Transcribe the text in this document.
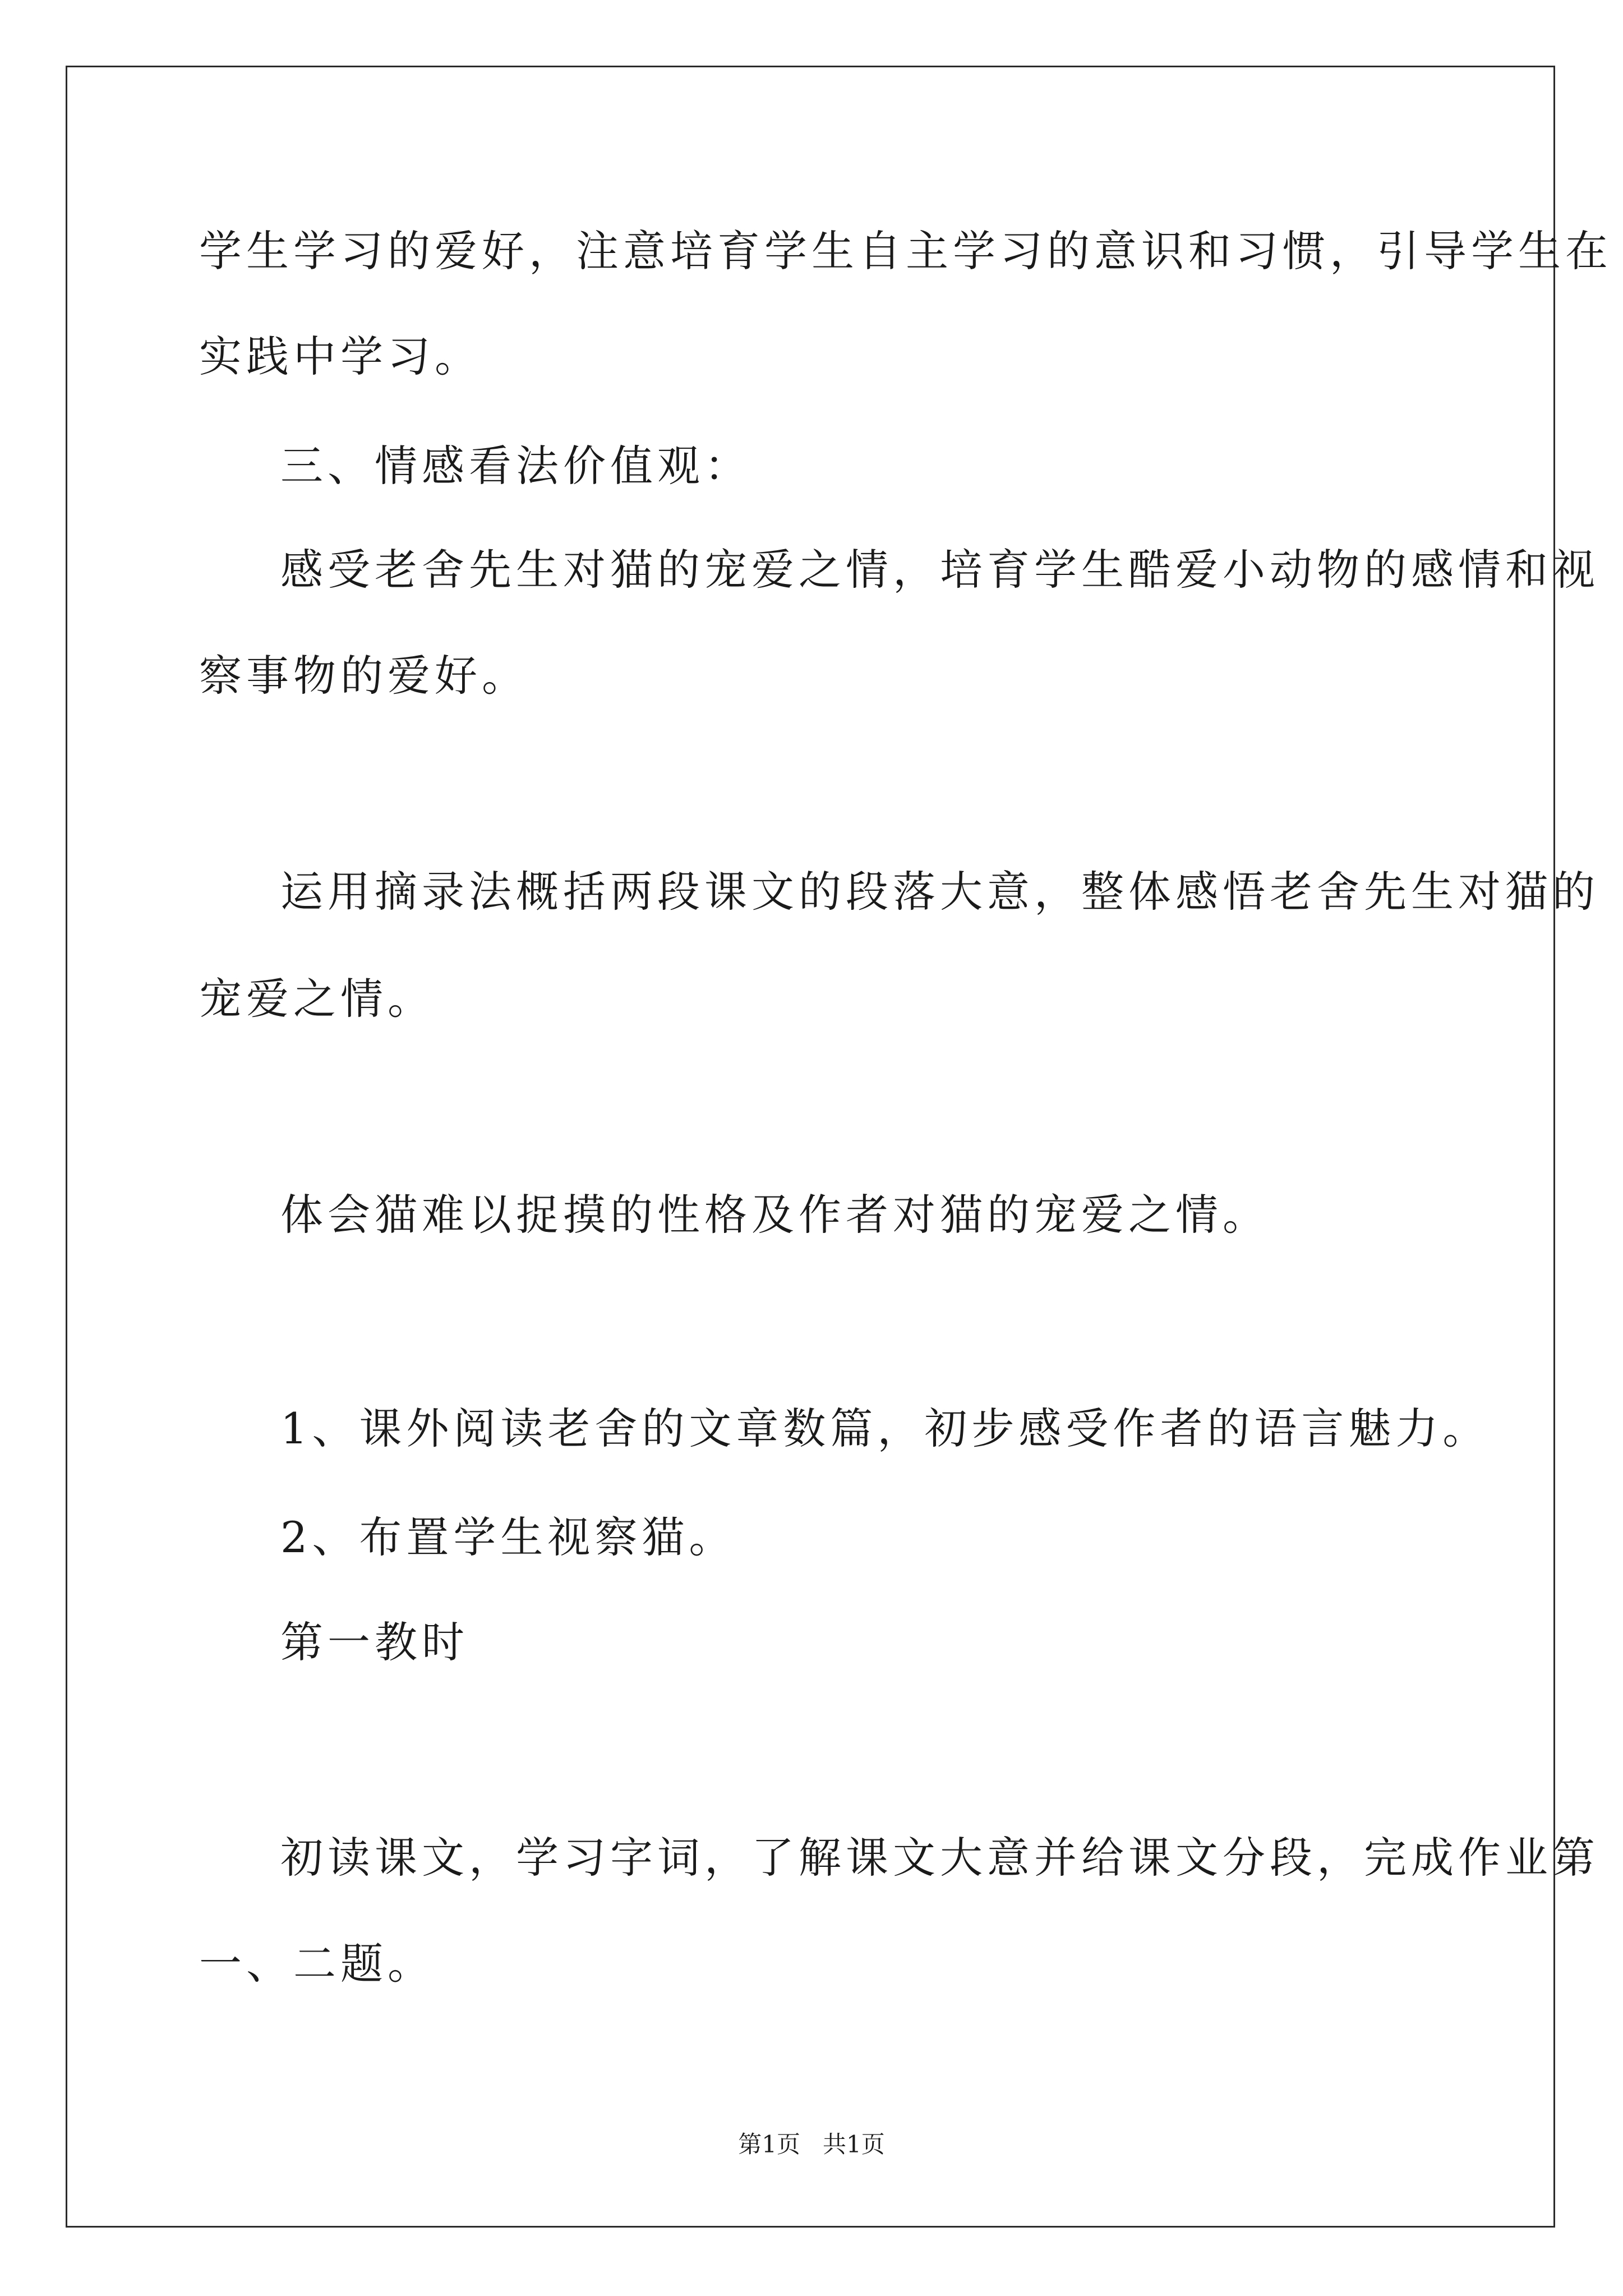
学生学习的爱好，注意培育学生自主学习的意识和习惯，引导学生在
实践中学习。
三、情感看法价值观：
感受老舍先生对猫的宠爱之情，培育学生酷爱小动物的感情和视
察事物的爱好。
运用摘录法概括两段课文的段落大意，整体感悟老舍先生对猫的
宠爱之情。
体会猫难以捉摸的性格及作者对猫的宠爱之情。
1、课外阅读老舍的文章数篇，初步感受作者的语言魅力。
2、布置学生视察猫。
第一教时
初读课文，学习字词，了解课文大意并给课文分段，完成作业第
一、二题。
第1页 共1页
